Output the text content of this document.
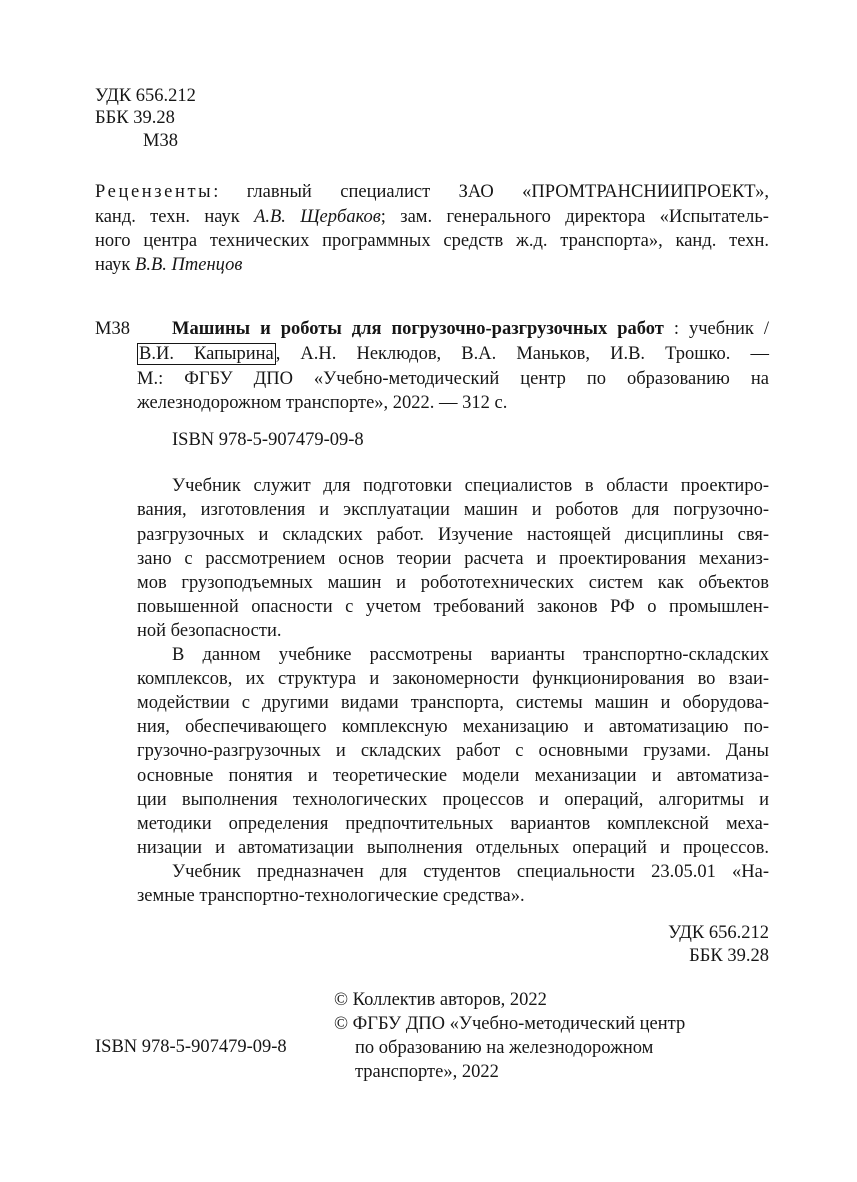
УДК 656.212
ББК 39.28
М38
Рецензенты: главный специалист ЗАО «ПРОМТРАНСНИИПРОЕКТ»,
канд. техн. наук А.В. Щербаков; зам. генерального директора «Испытатель-
ного центра технических программных средств ж.д. транспорта», канд. техн.
наук В.В. Птенцов
М38 Машины и роботы для погрузочно-разгрузочных работ : учебник /
В.И. Капырина , А.Н. Неклюдов, В.А. Маньков, И.В. Трошко. —
М.: ФГБУ ДПО «Учебно-методический центр по образованию на
железнодорожном транспорте», 2022. — 312 с.
ISBN 978-5-907479-09-8
Учебник служит для подготовки специалистов в области проектиро-
вания, изготовления и эксплуатации машин и роботов для погрузочно-
разгрузочных и складских работ. Изучение настоящей дисциплины свя-
зано с рассмотрением основ теории расчета и проектирования механиз-
мов грузоподъемных машин и робототехнических систем как объектов
повышенной опасности с учетом требований законов РФ о промышлен-
ной безопасности.
В данном учебнике рассмотрены варианты транспортно-складских
комплексов, их структура и закономерности функционирования во взаи-
модействии с другими видами транспорта, системы машин и оборудова-
ния, обеспечивающего комплексную механизацию и автоматизацию по-
грузочно-разгрузочных и складских работ с основными грузами. Даны
основные понятия и теоретические модели механизации и автоматиза-
ции выполнения технологических процессов и операций, алгоритмы и
методики определения предпочтительных вариантов комплексной меха-
низации и автоматизации выполнения отдельных операций и процессов.
Учебник предназначен для студентов специальности 23.05.01 «На-
земные транспортно-технологические средства».
УДК 656.212
ББК 39.28
© Коллектив авторов, 2022
© ФГБУ ДПО «Учебно-методический центр
по образованию на железнодорожном
транспорте», 2022
ISBN 978-5-907479-09-8
